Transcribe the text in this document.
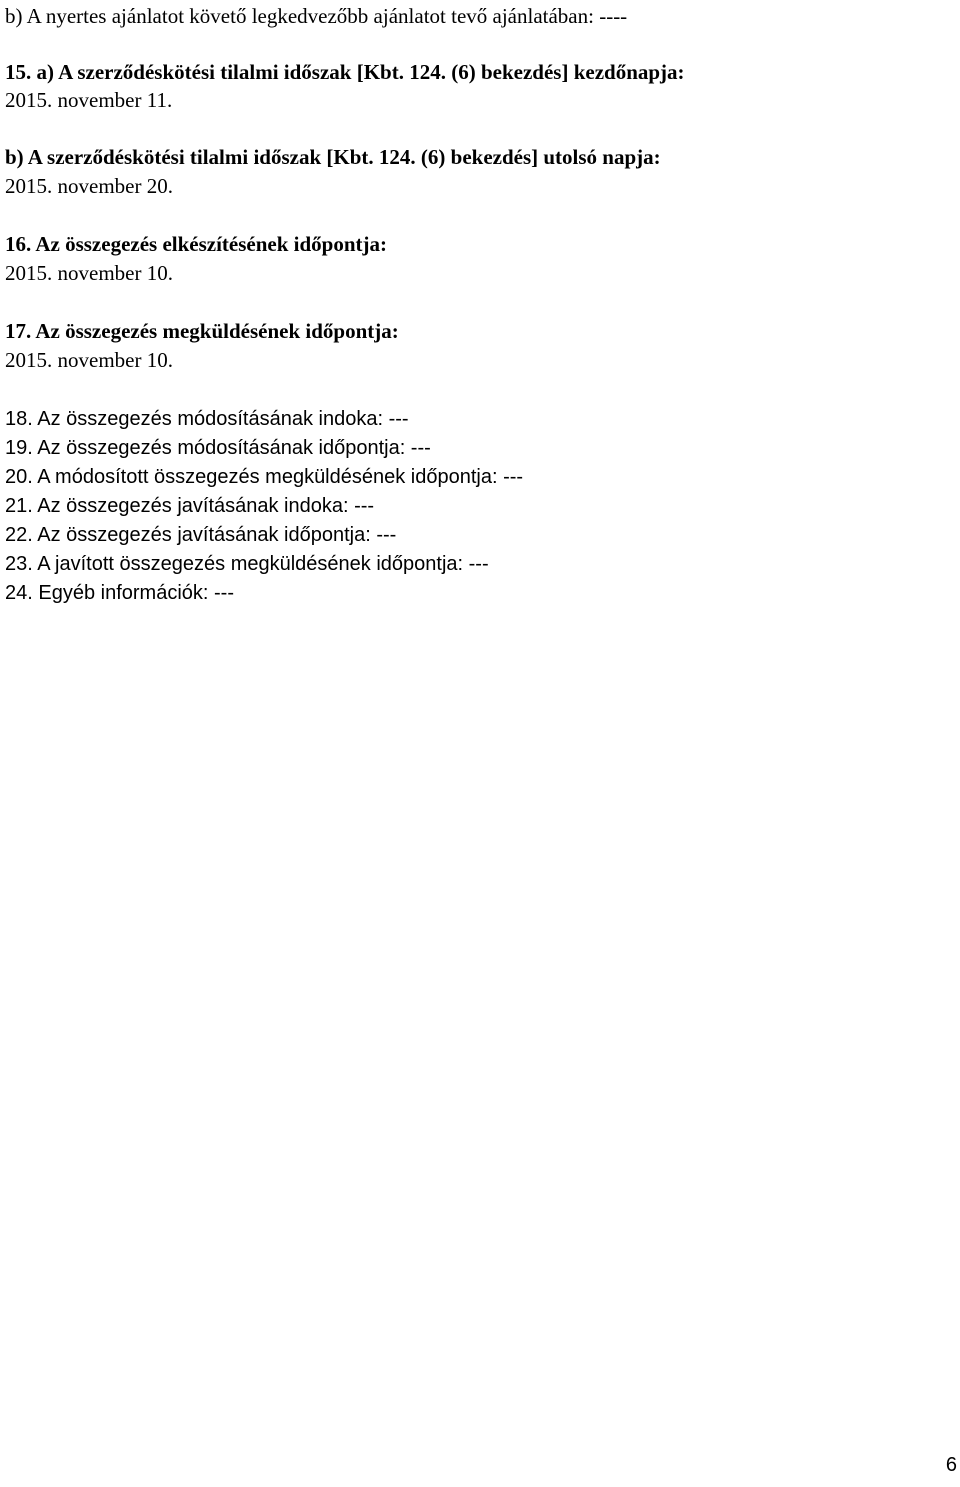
b) A nyertes ajánlatot követő legkedvezőbb ajánlatot tevő ajánlatában: ----
15. a) A szerződéskötési tilalmi időszak [Kbt. 124. (6) bekezdés] kezdőnapja:
2015. november 11.
b) A szerződéskötési tilalmi időszak [Kbt. 124. (6) bekezdés] utolsó napja:
2015. november 20.
16. Az összegezés elkészítésének időpontja:
2015. november 10.
17. Az összegezés megküldésének időpontja:
2015. november 10.
18. Az összegezés módosításának indoka: ---
19. Az összegezés módosításának időpontja: ---
20. A módosított összegezés megküldésének időpontja: ---
21. Az összegezés javításának indoka: ---
22. Az összegezés javításának időpontja: ---
23. A javított összegezés megküldésének időpontja: ---
24. Egyéb információk: ---
6
